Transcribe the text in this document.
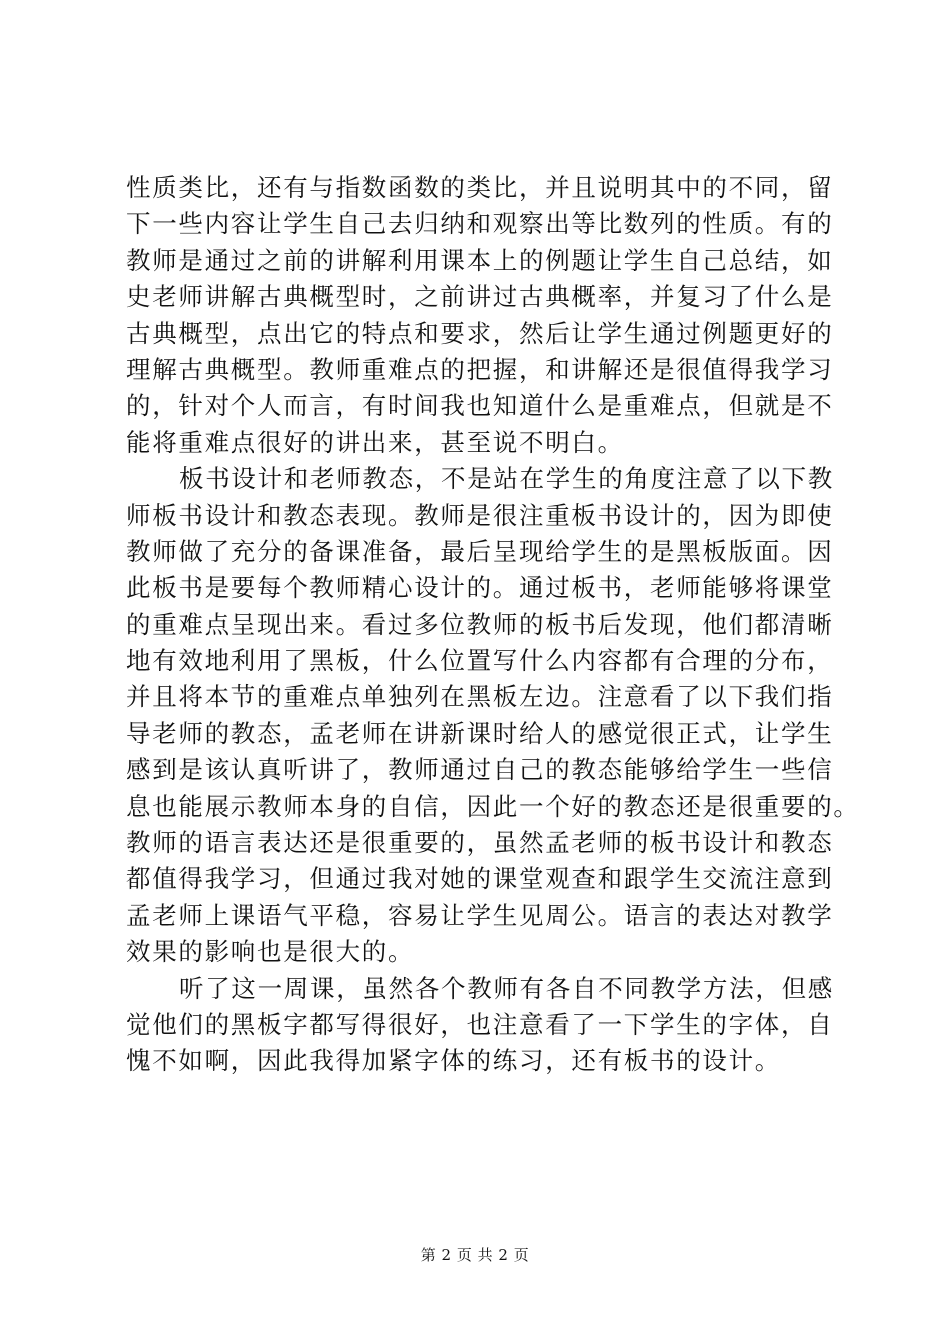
性质类比，还有与指数函数的类比，并且说明其中的不同，留
下一些内容让学生自己去归纳和观察出等比数列的性质。有的
教师是通过之前的讲解利用课本上的例题让学生自己总结，如
史老师讲解古典概型时，之前讲过古典概率，并复习了什么是
古典概型，点出它的特点和要求，然后让学生通过例题更好的
理解古典概型。教师重难点的把握，和讲解还是很值得我学习
的，针对个人而言，有时间我也知道什么是重难点，但就是不
能将重难点很好的讲出来，甚至说不明白。
板书设计和老师教态，不是站在学生的角度注意了以下教
师板书设计和教态表现。教师是很注重板书设计的，因为即使
教师做了充分的备课准备，最后呈现给学生的是黑板版面。因
此板书是要每个教师精心设计的。通过板书，老师能够将课堂
的重难点呈现出来。看过多位教师的板书后发现，他们都清晰
地有效地利用了黑板，什么位置写什么内容都有合理的分布，
并且将本节的重难点单独列在黑板左边。注意看了以下我们指
导老师的教态，孟老师在讲新课时给人的感觉很正式，让学生
感到是该认真听讲了，教师通过自己的教态能够给学生一些信
息也能展示教师本身的自信，因此一个好的教态还是很重要的。
教师的语言表达还是很重要的，虽然孟老师的板书设计和教态
都值得我学习，但通过我对她的课堂观查和跟学生交流注意到
孟老师上课语气平稳，容易让学生见周公。语言的表达对教学
效果的影响也是很大的。
听了这一周课，虽然各个教师有各自不同教学方法，但感
觉他们的黑板字都写得很好，也注意看了一下学生的字体，自
愧不如啊，因此我得加紧字体的练习，还有板书的设计。
第 2 页 共 2 页
